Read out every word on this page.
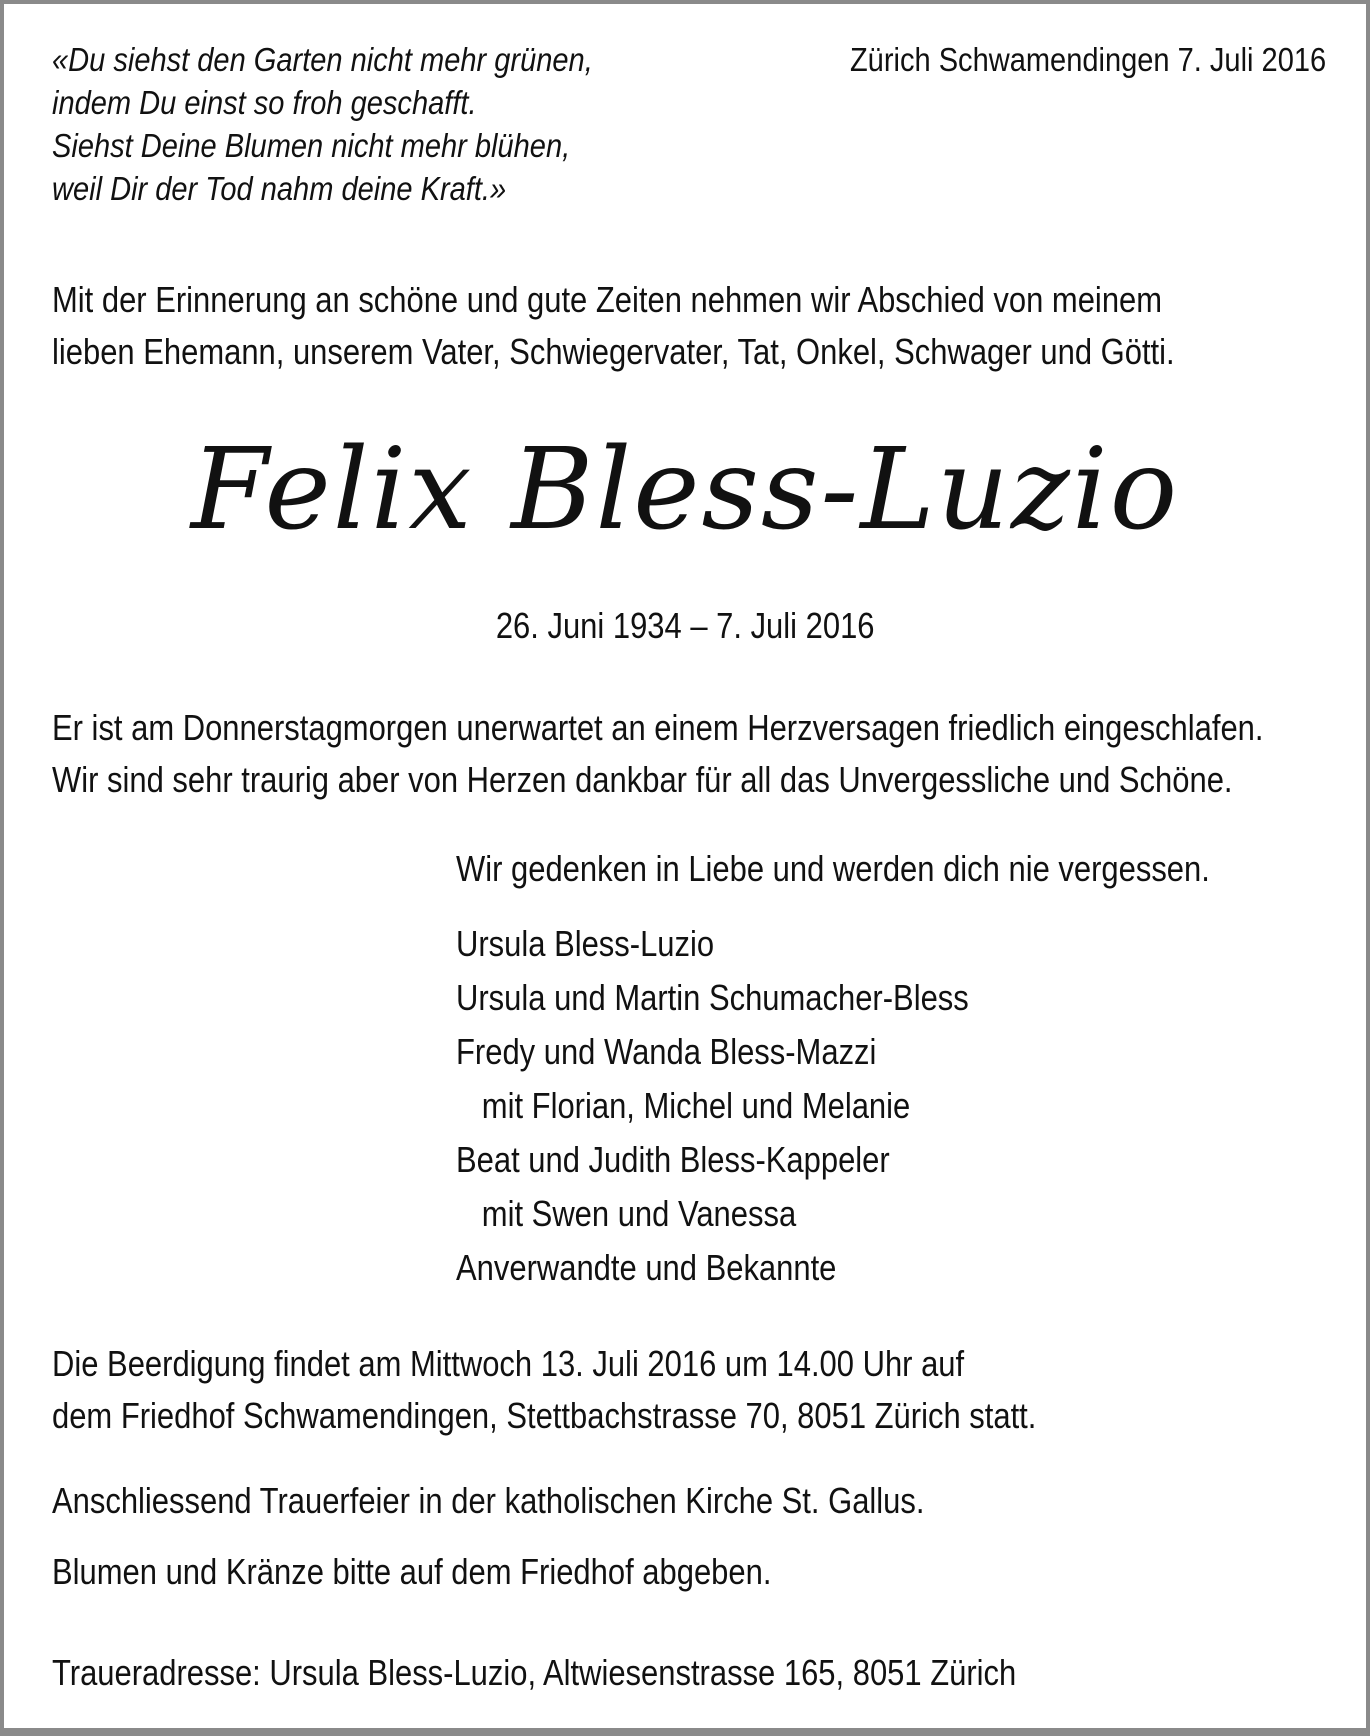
«Du siehst den Garten nicht mehr grünen,
indem Du einst so froh geschafft.
Siehst Deine Blumen nicht mehr blühen,
weil Dir der Tod nahm deine Kraft.»
Zürich Schwamendingen 7. Juli 2016
Mit der Erinnerung an schöne und gute Zeiten nehmen wir Abschied von meinem
lieben Ehemann, unserem Vater, Schwiegervater, Tat, Onkel, Schwager und Götti.
Felix Bless-Luzio
26. Juni 1934 – 7. Juli 2016
Er ist am Donnerstagmorgen unerwartet an einem Herzversagen friedlich eingeschlafen.
Wir sind sehr traurig aber von Herzen dankbar für all das Unvergessliche und Schöne.
Wir gedenken in Liebe und werden dich nie vergessen.
Ursula Bless-Luzio
Ursula und Martin Schumacher-Bless
Fredy und Wanda Bless-Mazzi
mit Florian, Michel und Melanie
Beat und Judith Bless-Kappeler
mit Swen und Vanessa
Anverwandte und Bekannte
Die Beerdigung findet am Mittwoch 13. Juli 2016 um 14.00 Uhr auf
dem Friedhof Schwamendingen, Stettbachstrasse 70, 8051 Zürich statt.
Anschliessend Trauerfeier in der katholischen Kirche St. Gallus.
Blumen und Kränze bitte auf dem Friedhof abgeben.
Traueradresse: Ursula Bless-Luzio, Altwiesenstrasse 165, 8051 Zürich
